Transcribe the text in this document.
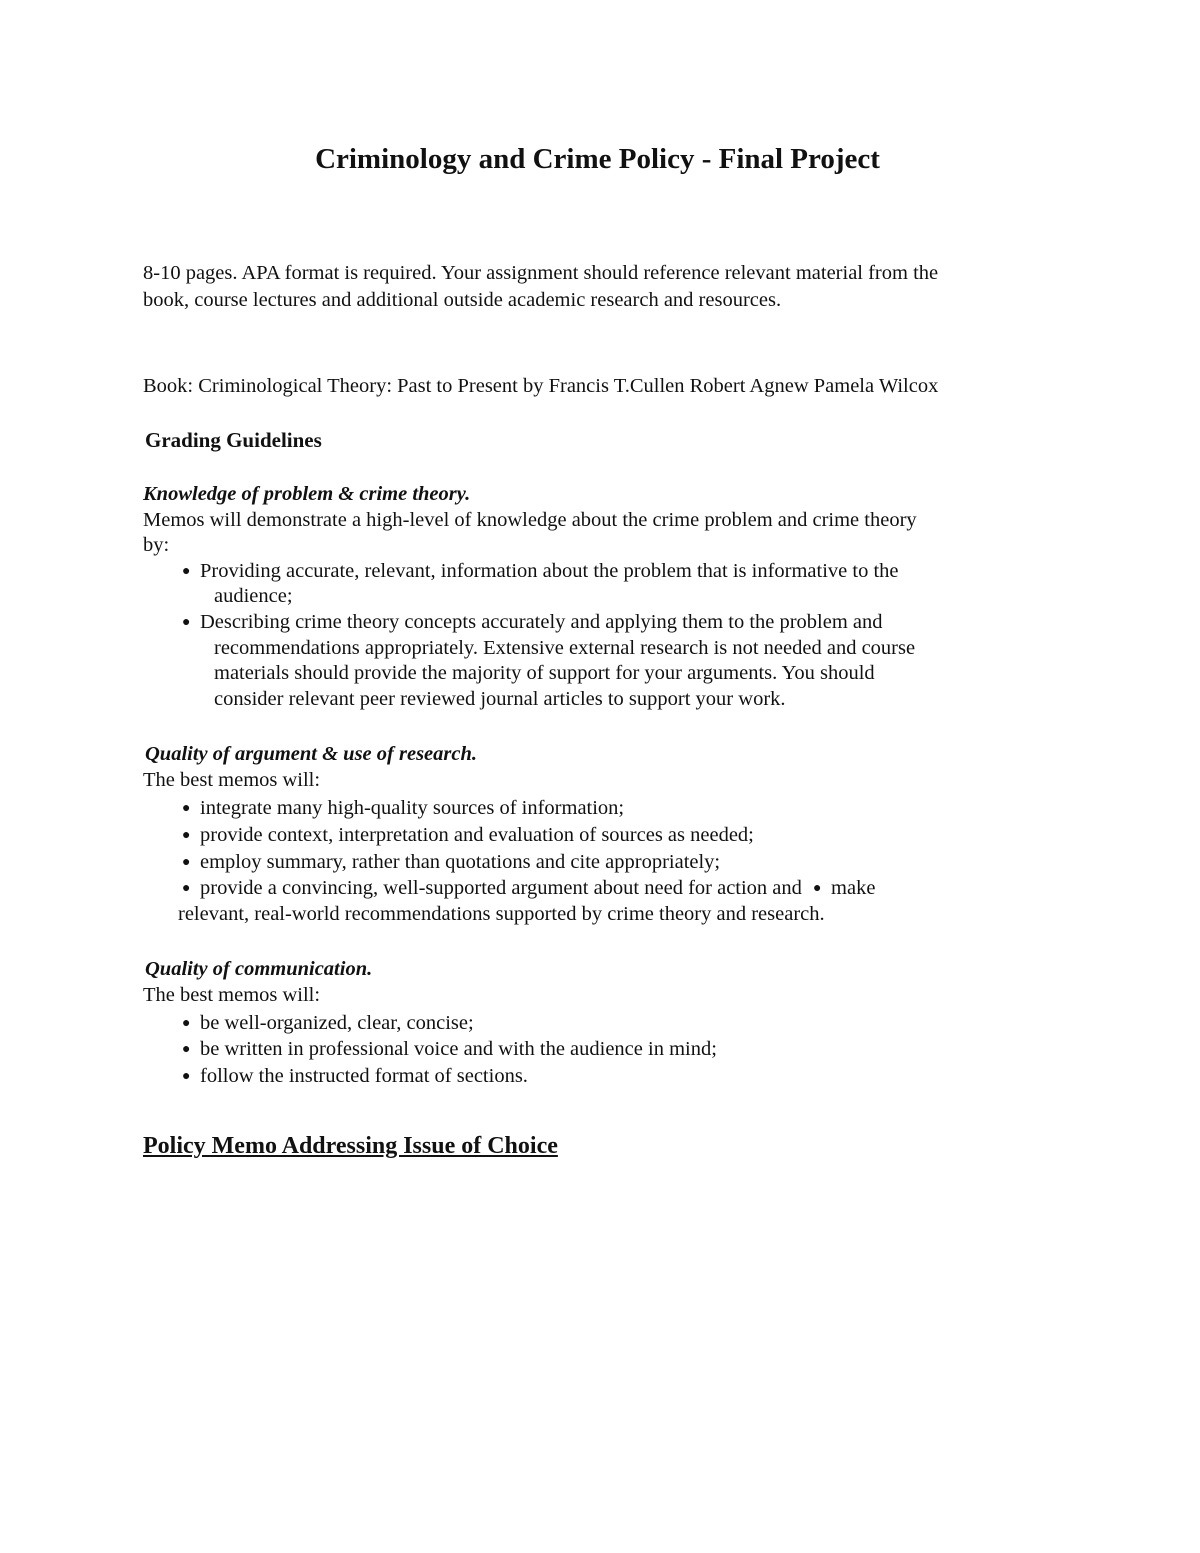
Criminology and Crime Policy - Final Project
8-10 pages. APA format is required. Your assignment should reference relevant material from the
book, course lectures and additional outside academic research and resources.
Book: Criminological Theory: Past to Present by Francis T.Cullen Robert Agnew Pamela Wilcox
Grading Guidelines
Knowledge of problem & crime theory.
Memos will demonstrate a high-level of knowledge about the crime problem and crime theory
by:
● Providing accurate, relevant, information about the problem that is informative to the
audience;
● Describing crime theory concepts accurately and applying them to the problem and
recommendations appropriately. Extensive external research is not needed and course
materials should provide the majority of support for your arguments. You should
consider relevant peer reviewed journal articles to support your work.
Quality of argument & use of research.
The best memos will:
● integrate many high-quality sources of information;
● provide context, interpretation and evaluation of sources as needed;
● employ summary, rather than quotations and cite appropriately;
● provide a convincing, well-supported argument about need for action and ● make
relevant, real-world recommendations supported by crime theory and research.
Quality of communication.
The best memos will:
● be well-organized, clear, concise;
● be written in professional voice and with the audience in mind;
● follow the instructed format of sections.
Policy Memo Addressing Issue of Choice
